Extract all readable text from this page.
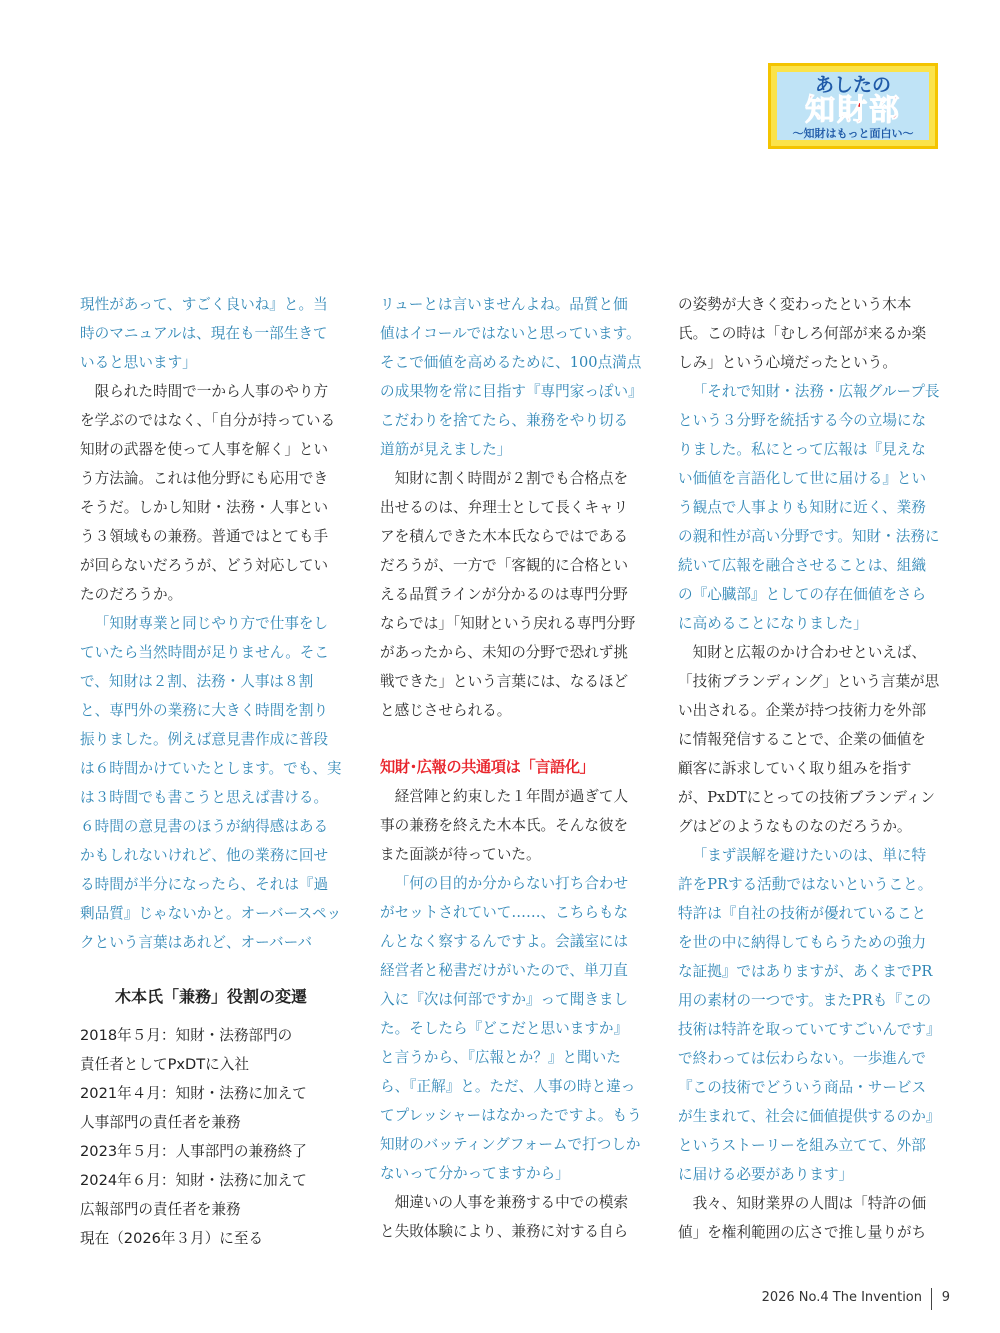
あしたの
知財部
〜知財はもっと面白い〜

現性があって、すごく良いね』と。当時のマニュアルは、現在も一部生きていると思います」

限られた時間で一から人事のやり方を学ぶのではなく、「自分が持っている知財の武器を使って人事を解く」という方法論。これは他分野にも応用できそうだ。しかし知財・法務・人事という３領域もの兼務。普通ではとても手が回らないだろうが、どう対応していたのだろうか。

「知財専業と同じやり方で仕事をしていたら当然時間が足りません。そこで、知財は２割、法務・人事は８割と、専門外の業務に大きく時間を割り振りました。例えば意見書作成に普段は６時間かけていたとします。でも、実は３時間でも書こうと思えば書ける。６時間の意見書のほうが納得感はあるかもしれないけれど、他の業務に回せる時間が半分になったら、それは『過剰品質』じゃないかと。オーバースペックという言葉はあれど、オーバーバ

木本氏「兼務」役割の変遷
2018年５月：知財・法務部門の
責任者としてPxDTに入社
2021年４月：知財・法務に加えて
人事部門の責任者を兼務
2023年５月：人事部門の兼務終了
2024年６月：知財・法務に加えて
広報部門の責任者を兼務
現在（2026年３月）に至る

リューとは言いませんよね。品質と価値はイコールではないと思っています。そこで価値を高めるために、100点満点の成果物を常に目指す『専門家っぽい』こだわりを捨てたら、兼務をやり切る道筋が見えました」

知財に割く時間が２割でも合格点を出せるのは、弁理士として長くキャリアを積んできた木本氏ならではであるだろうが、一方で「客観的に合格といえる品質ラインが分かるのは専門分野ならでは」「知財という戻れる専門分野があったから、未知の分野で恐れず挑戦できた」という言葉には、なるほどと感じさせられる。

知財･広報の共通項は「言語化」

経営陣と約束した１年間が過ぎて人事の兼務を終えた木本氏。そんな彼をまた面談が待っていた。

「何の目的か分からない打ち合わせがセットされていて……、こちらもなんとなく察するんですよ。会議室には経営者と秘書だけがいたので、単刀直入に『次は何部ですか』って聞きました。そしたら『どこだと思いますか』と言うから、『広報とか？』と聞いたら、『正解』と。ただ、人事の時と違ってプレッシャーはなかったですよ。もう知財のバッティングフォームで打つしかないって分かってますから」

畑違いの人事を兼務する中での模索と失敗体験により、兼務に対する自ら

の姿勢が大きく変わったという木本氏。この時は「むしろ何部が来るか楽しみ」という心境だったという。

「それで知財・法務・広報グループ長という３分野を統括する今の立場になりました。私にとって広報は『見えない価値を言語化して世に届ける』という観点で人事よりも知財に近く、業務の親和性が高い分野です。知財・法務に続いて広報を融合させることは、組織の『心臓部』としての存在価値をさらに高めることになりました」

知財と広報のかけ合わせといえば、「技術ブランディング」という言葉が思い出される。企業が持つ技術力を外部に情報発信することで、企業の価値を顧客に訴求していく取り組みを指すが、PxDTにとっての技術ブランディングはどのようなものなのだろうか。

「まず誤解を避けたいのは、単に特許をPRする活動ではないということ。特許は『自社の技術が優れていることを世の中に納得してもらうための強力な証拠』ではありますが、あくまでPR用の素材の一つです。またPRも『この技術は特許を取っていてすごいんです』で終わっては伝わらない。一歩進んで『この技術でどういう商品・サービスが生まれて、社会に価値提供するのか』というストーリーを組み立てて、外部に届ける必要があります」

我々、知財業界の人間は「特許の価値」を権利範囲の広さで推し量りがち

2026 No.4 The Invention 9
